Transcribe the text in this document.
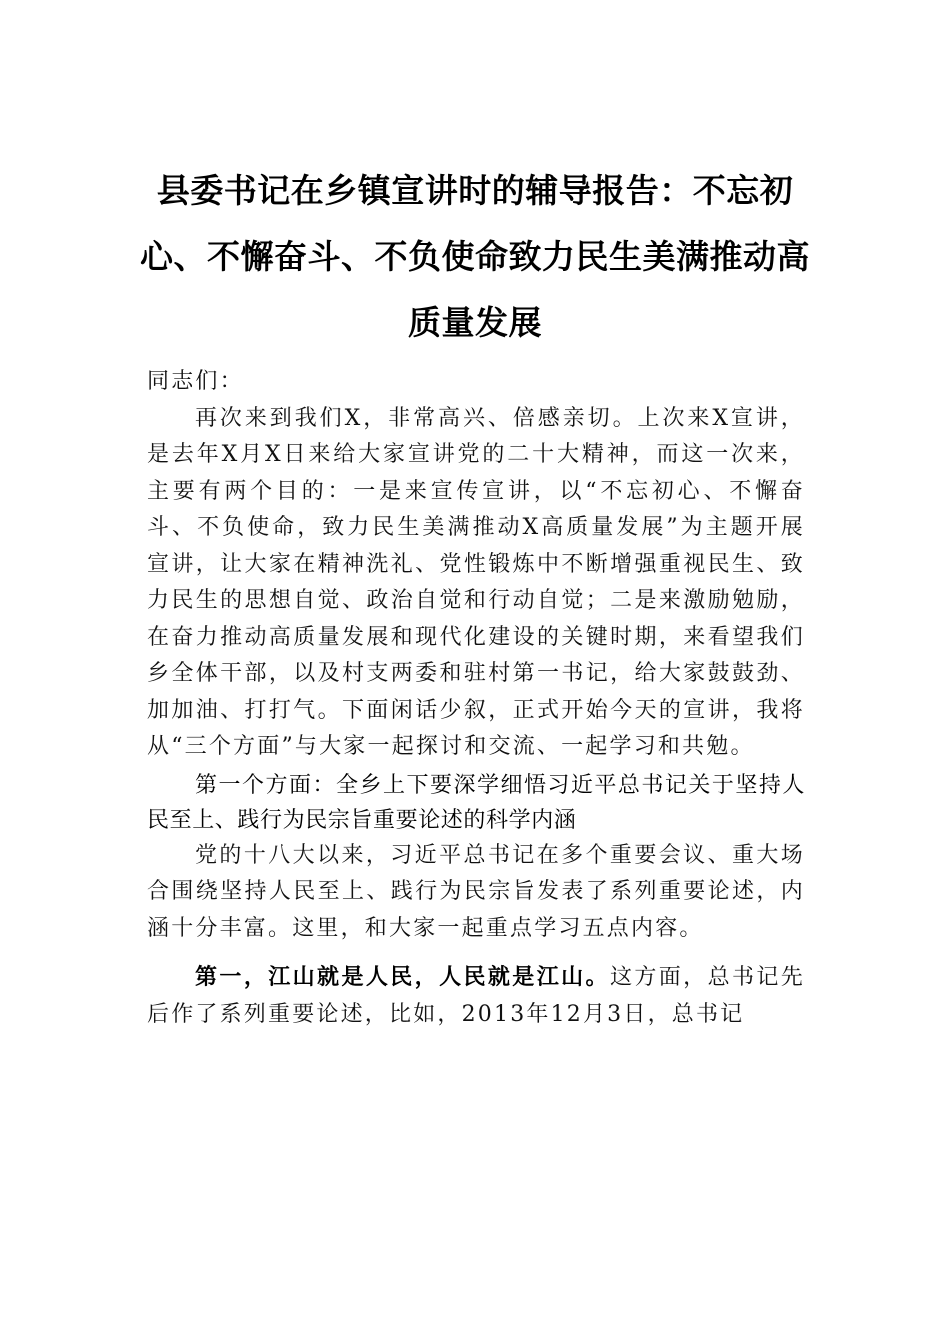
县委书记在乡镇宣讲时的辅导报告：不忘初心、不懈奋斗、不负使命致力民生美满推动高质量发展

同志们：

再次来到我们X，非常高兴、倍感亲切。上次来X宣讲，是去年X月X日来给大家宣讲党的二十大精神，而这一次来，主要有两个目的：一是来宣传宣讲，以“不忘初心、不懈奋斗、不负使命，致力民生美满推动X高质量发展”为主题开展宣讲，让大家在精神洗礼、党性锻炼中不断增强重视民生、致力民生的思想自觉、政治自觉和行动自觉；二是来激励勉励，在奋力推动高质量发展和现代化建设的关键时期，来看望我们乡全体干部，以及村支两委和驻村第一书记，给大家鼓鼓劲、加加油、打打气。下面闲话少叙，正式开始今天的宣讲，我将从“三个方面”与大家一起探讨和交流、一起学习和共勉。

第一个方面：全乡上下要深学细悟习近平总书记关于坚持人民至上、践行为民宗旨重要论述的科学内涵

党的十八大以来，习近平总书记在多个重要会议、重大场合围绕坚持人民至上、践行为民宗旨发表了系列重要论述，内涵十分丰富。这里，和大家一起重点学习五点内容。

第一，江山就是人民，人民就是江山。这方面，总书记先后作了系列重要论述，比如，2013年12月3日，总书记
